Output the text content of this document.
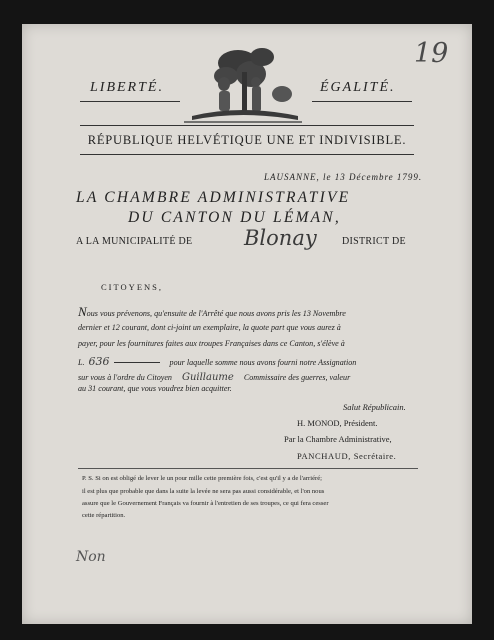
19
LIBERTÉ.	ÉGALITÉ.
RÉPUBLIQUE HELVÉTIQUE UNE ET INDIVISIBLE.
LAUSANNE, le 13 Décembre 1799.
LA CHAMBRE ADMINISTRATIVE
DU CANTON DU LÉMAN,
A LA MUNICIPALITÉ DE Blonay	DISTRICT DE
CITOYENS,
Nous vous prévenons, qu'ensuite de l'Arrêté que nous avons pris les 13 Novembre
dernier et 12 courant, dont ci-joint un exemplaire, la quote part que vous aurez à
payer, pour les fournitures faites aux troupes Françaises dans ce Canton, s'élève à
L. 636	pour laquelle somme nous avons fourni notre Assignation
sur vous à l'ordre du Citoyen Guillaume Commissaire des guerres, valeur
au 31 courant, que vous voudrez bien acquitter.
Salut Républicain.
H. MONOD, Président.
Par la Chambre Administrative,
PANCHAUD, Secrétaire.
P. S. Si on est obligé de lever le un pour mille cette première fois, c'est qu'il y a de l'arriéré;
il est plus que probable que dans la suite la levée ne sera pas aussi considérable, et l'on nous
assure que le Gouvernement Français va fournir à l'entretien de ses troupes, ce qui fera cesser
cette répartition.
Non
